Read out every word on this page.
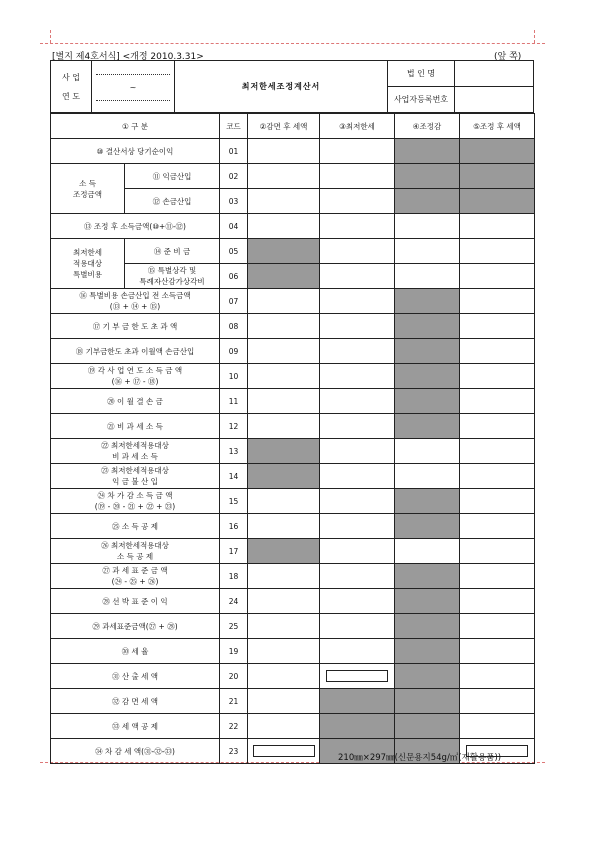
[별지 제4호서식] <개정 2010.3.31>	(앞 쪽)
사 업
연 도	~	최저한세조정계산서	법 인 명	
			사업자등록번호	
① 구 분		코드	②감면 후 세액	③최저한세	④조정감	⑤조정 후 세액
⑩ 결산서상 당기순이익		01				
소 득
조정금액	⑪ 익금산입	02				
	⑫ 손금산입	03				
⑬ 조정 후 소득금액(⑩+⑪-⑫)		04				
최저한세
적용대상
특별비용	⑭ 준 비 금	05				
	⑮ 특별상각 및
특례자산감가상각비	06				
⑯ 특별비용 손금산입 전 소득금액
(⑬ + ⑭ + ⑮)		07				
⑰ 기 부 금 한 도 초 과 액		08				
⑱ 기부금한도 초과 이월액 손금산입		09				
⑲ 각 사 업 연 도 소 득 금 액
(⑯ + ⑰ - ⑱)		10				
⑳ 이 월 결 손 금		11				
㉑ 비 과 세 소 득		12				
㉒ 최저한세적용대상
비 과 세 소 득		13				
㉓ 최저한세적용대상
익 금 불 산 입		14				
㉔ 차 가 감 소 득 금 액
(⑲ - ⑳ - ㉑ + ㉒ + ㉓)		15				
㉕ 소 득 공 제		16				
㉖ 최저한세적용대상
소 득 공 제		17				
㉗ 과 세 표 준 금 액
(㉔ - ㉕ + ㉖)		18				
㉘ 선 박 표 준 이 익		24				
㉙ 과세표준금액(㉗ + ㉘)		25				
㉚ 세 율		19				
㉛ 산 출 세 액		20				
㉜ 감 면 세 액		21				
㉝ 세 액 공 제		22				
㉞ 차 감 세 액(㉛-㉜-㉝)		23				
210㎜×297㎜(신문용지54g/㎡(재활용품))
